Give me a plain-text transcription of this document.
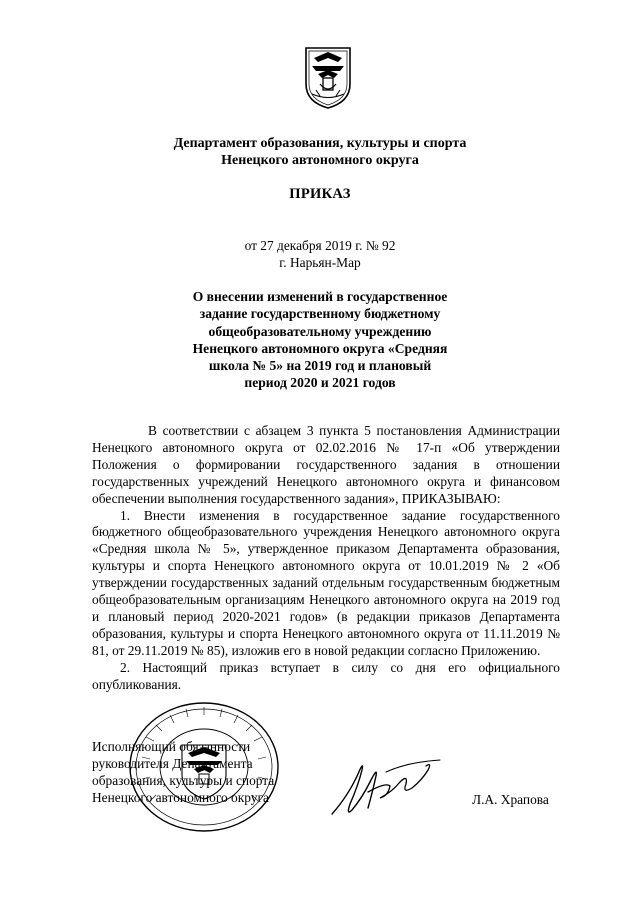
Департамент образования, культуры и спорта
Ненецкого автономного округа
ПРИКАЗ
от 27 декабря 2019 г. № 92
г. Нарьян-Мар
О внесении изменений в государственное
задание государственному бюджетному
общеобразовательному учреждению
Ненецкого автономного округа «Средняя
школа № 5» на 2019 год и плановый
период 2020 и 2021 годов

В соответствии с абзацем 3 пункта 5 постановления Администрации Ненецкого автономного округа от 02.02.2016 № 17-п «Об утверждении Положения о формировании государственного задания в отношении государственных учреждений Ненецкого автономного округа и финансовом обеспечении выполнения государственного задания», ПРИКАЗЫВАЮ:

1. Внести изменения в государственное задание государственного бюджетного общеобразовательного учреждения Ненецкого автономного округа «Средняя школа № 5», утвержденное приказом Департамента образования, культуры и спорта Ненецкого автономного округа от 10.01.2019 № 2 «Об утверждении государственных заданий отдельным государственным бюджетным общеобразовательным организациям Ненецкого автономного округа на 2019 год и плановый период 2020-2021 годов» (в редакции приказов Департамента образования, культуры и спорта Ненецкого автономного округа от 11.11.2019 № 81, от 29.11.2019 № 85), изложив его в новой редакции согласно Приложению.

2. Настоящий приказ вступает в силу со дня его официального опубликования.

Исполняющий обязанности
руководителя Департамента
образования, культуры и спорта
Ненецкого автономного округа	Л.А. Храпова
